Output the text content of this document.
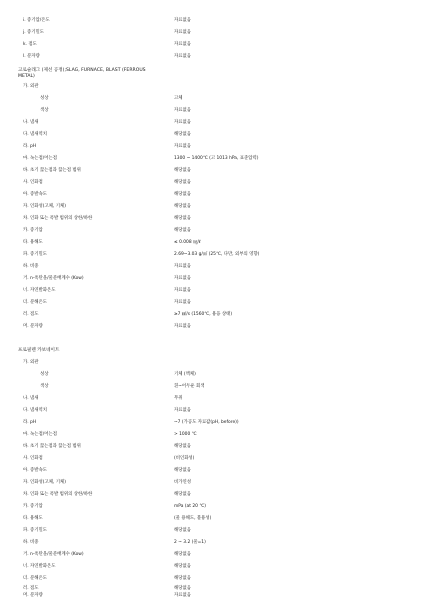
i. 증기압/온도	자료없음
j. 증기밀도	자료없음
k. 점도	자료없음
l. 분자량	자료없음
고로슬래그 (제선 공정);SLAG, FURNACE, BLAST (FERROUS
METAL)
가. 외관
성상	고체
색상	자료없음
나. 냄새	자료없음
다. 냄새역치	해당없음
라. pH	자료없음
마. 녹는점/어는점	1300 ~ 1400℃ (고 1013 hPa, 표준압력)
바. 초기 끓는점과 끓는점 범위	해당없음
사. 인화점	해당없음
아. 증발속도	해당없음
자. 인화성(고체, 기체)	해당없음
차. 인화 또는 폭발 범위의 상한/하한	해당없음
카. 증기압	해당없음
타. 용해도	≤ 0.008 ㎎/ℓ
파. 증기밀도	2.69~3.03 g/㎤ (25℃, 다만, 외부의 영향)
하. 비중	자료없음
거. n-옥탄올/물분배계수 (Kow)	자료없음
너. 자연발화온도	자료없음
더. 분해온도	자료없음
러. 점도	≥7 ㎟/s (1560℃, 용융 상태)
머. 분자량	자료없음
프로필렌 카보네이트
가. 외관
성상	기체 (액체)
색상	흰~어두운 회색
나. 냄새	무취
다. 냄새역치	자료없음
라. pH	~7 (가공도 자료값(pH, before))
마. 녹는점/어는점	> 1000 ℃
바. 초기 끓는점과 끓는점 범위	해당없음
사. 인화점	(비인화성)
아. 증발속도	해당없음
자. 인화성(고체, 기체)	비가연성
차. 인화 또는 폭발 범위의 상한/하한	해당없음
카. 증기압	mPa (at 20 ℃)
타. 용해도	(물 용해도, 불용성)
파. 증기밀도	해당없음
하. 비중	2 ~ 3.2 (물=1)
거. n-옥탄올/물분배계수 (Kow)	해당없음
너. 자연발화온도	해당없음
더. 분해온도	해당없음
러. 점도	해당없음
머. 분자량	자료없음
